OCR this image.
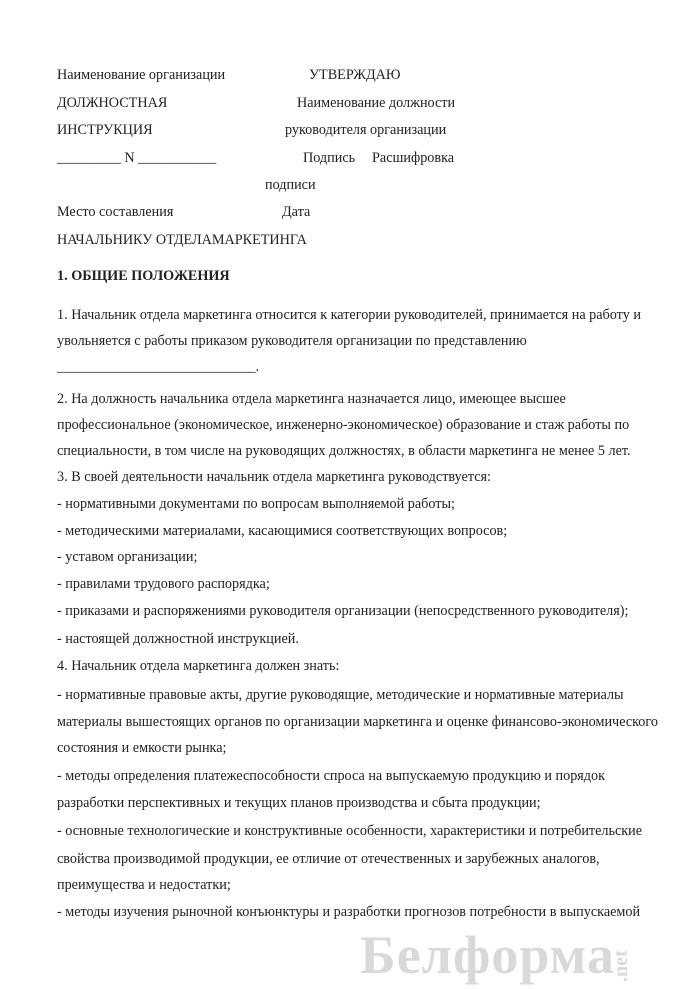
Белформа
.net
Наименование организации	УТВЕРЖДАЮ
ДОЛЖНОСТНАЯ	Наименование должности
ИНСТРУКЦИЯ	руководителя организации
_________ N ___________	Подпись Расшифровка
подписи
Место составления	Дата
НАЧАЛЬНИКУ ОТДЕЛАМАРКЕТИНГА
1. ОБЩИЕ ПОЛОЖЕНИЯ
1. Начальник отдела маркетинга относится к категории руководителей, принимается на работу и
увольняется с работы приказом руководителя организации по представлению
____________________________.
2. На должность начальника отдела маркетинга назначается лицо, имеющее высшее
профессиональное (экономическое, инженерно-экономическое) образование и стаж работы по
специальности, в том числе на руководящих должностях, в области маркетинга не менее 5 лет.
3. В своей деятельности начальник отдела маркетинга руководствуется:
- нормативными документами по вопросам выполняемой работы;
- методическими материалами, касающимися соответствующих вопросов;
- уставом организации;
- правилами трудового распорядка;
- приказами и распоряжениями руководителя организации (непосредственного руководителя);
- настоящей должностной инструкцией.
4. Начальник отдела маркетинга должен знать:
- нормативные правовые акты, другие руководящие, методические и нормативные материалы
материалы вышестоящих органов по организации маркетинга и оценке финансово-экономического
состояния и емкости рынка;
- методы определения платежеспособности спроса на выпускаемую продукцию и порядок
разработки перспективных и текущих планов производства и сбыта продукции;
- основные технологические и конструктивные особенности, характеристики и потребительские
свойства производимой продукции, ее отличие от отечественных и зарубежных аналогов,
преимущества и недостатки;
- методы изучения рыночной конъюнктуры и разработки прогнозов потребности в выпускаемой
